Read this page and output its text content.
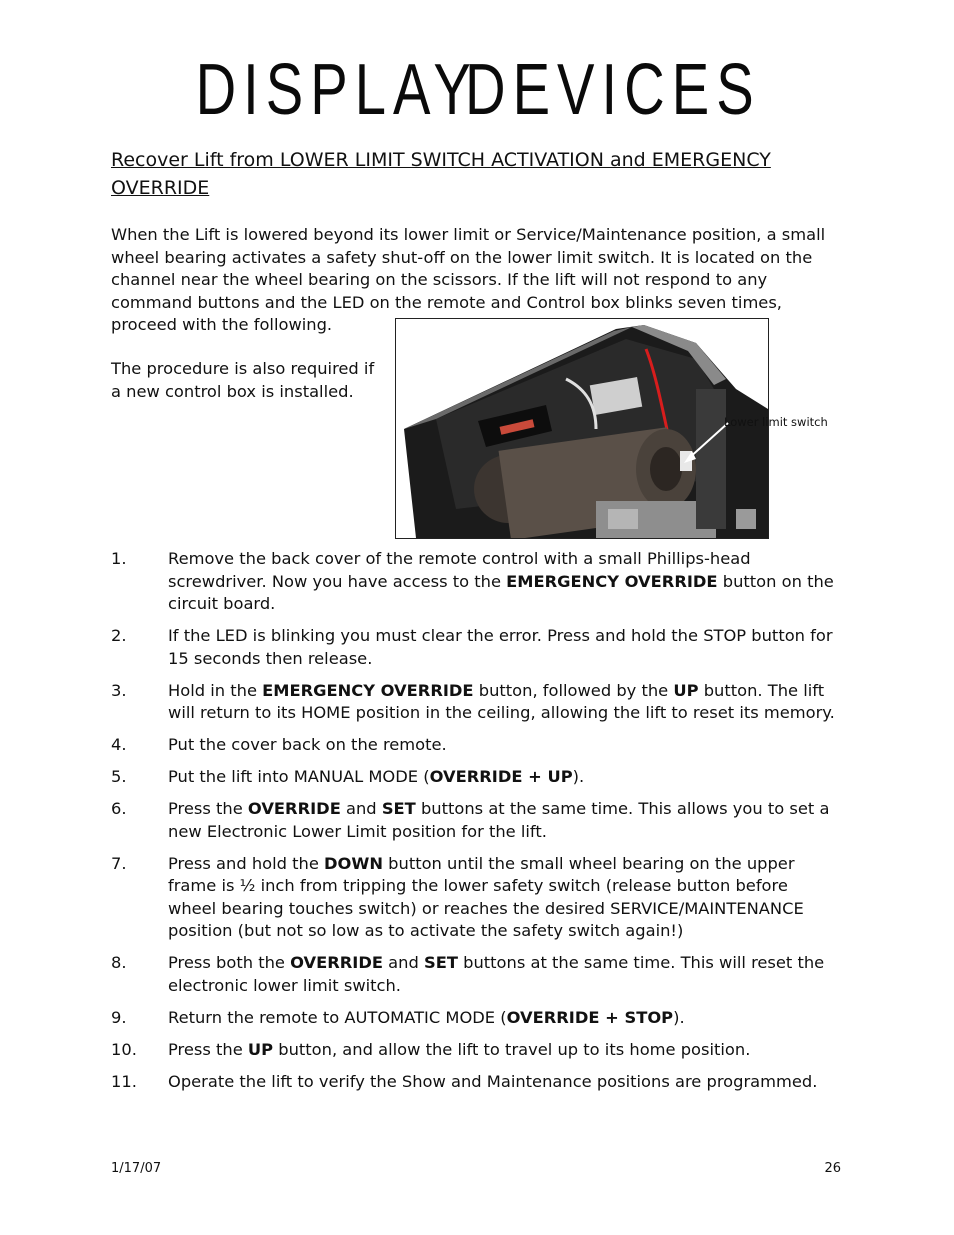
DISPLAY
DEVICES
Recover Lift from LOWER LIMIT SWITCH ACTIVATION and EMERGENCY OVERRIDE

When the Lift is lowered beyond its lower limit or Service/Maintenance position, a small wheel bearing activates a safety shut-off on the lower limit switch. It is located on the channel near the wheel bearing on the scissors. If the lift will not respond to any command buttons and the LED on the remote and Control box blinks seven times, proceed with the following.

The procedure is also required if a new control box is installed.

Lower limit switch
1.	Remove the back cover of the remote control with a small Phillips-head screwdriver. Now you have access to the EMERGENCY OVERRIDE button on the circuit board.
2.	If the LED is blinking you must clear the error. Press and hold the STOP button for 15 seconds then release.
3.	Hold in the EMERGENCY OVERRIDE button, followed by the UP button. The lift will return to its HOME position in the ceiling, allowing the lift to reset its memory.
4.	Put the cover back on the remote.
5.	Put the lift into MANUAL MODE (OVERRIDE + UP).
6.	Press the OVERRIDE and SET buttons at the same time. This allows you to set a new Electronic Lower Limit position for the lift.
7.	Press and hold the DOWN button until the small wheel bearing on the upper frame is ½ inch from tripping the lower safety switch (release button before wheel bearing touches switch) or reaches the desired SERVICE/MAINTENANCE position (but not so low as to activate the safety switch again!)
8.	Press both the OVERRIDE and SET buttons at the same time. This will reset the electronic lower limit switch.
9.	Return the remote to AUTOMATIC MODE (OVERRIDE + STOP).
10. Press the UP button, and allow the lift to travel up to its home position.
11. Operate the lift to verify the Show and Maintenance positions are programmed.
1/17/07	26
